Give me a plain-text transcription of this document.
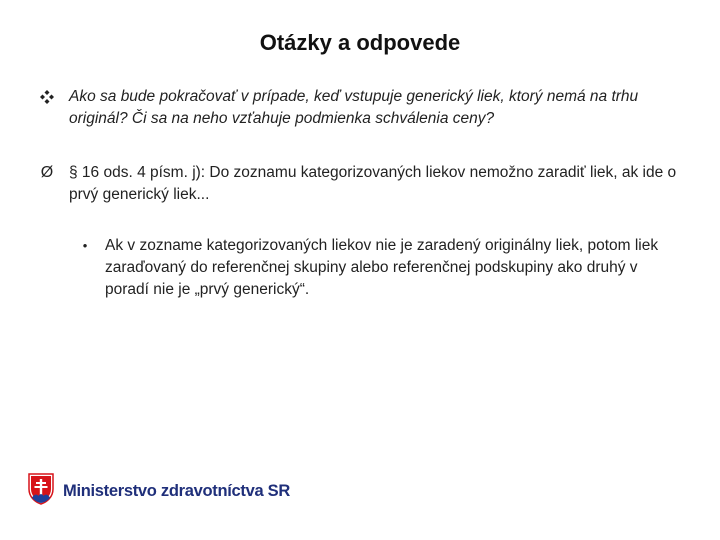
Otázky a odpovede
Ako sa bude pokračovať v prípade, keď vstupuje generický liek, ktorý nemá na trhu originál? Či sa na neho vzťahuje podmienka schválenia ceny?
Ø § 16 ods. 4 písm. j): Do zoznamu kategorizovaných liekov nemožno zaradiť liek, ak ide o prvý generický liek...
•	Ak v zozname kategorizovaných liekov nie je zaradený originálny liek, potom liek zaraďovaný do referenčnej skupiny alebo referenčnej podskupiny ako druhý v poradí nie je „prvý generický“.
Ministerstvo zdravotníctva SR
